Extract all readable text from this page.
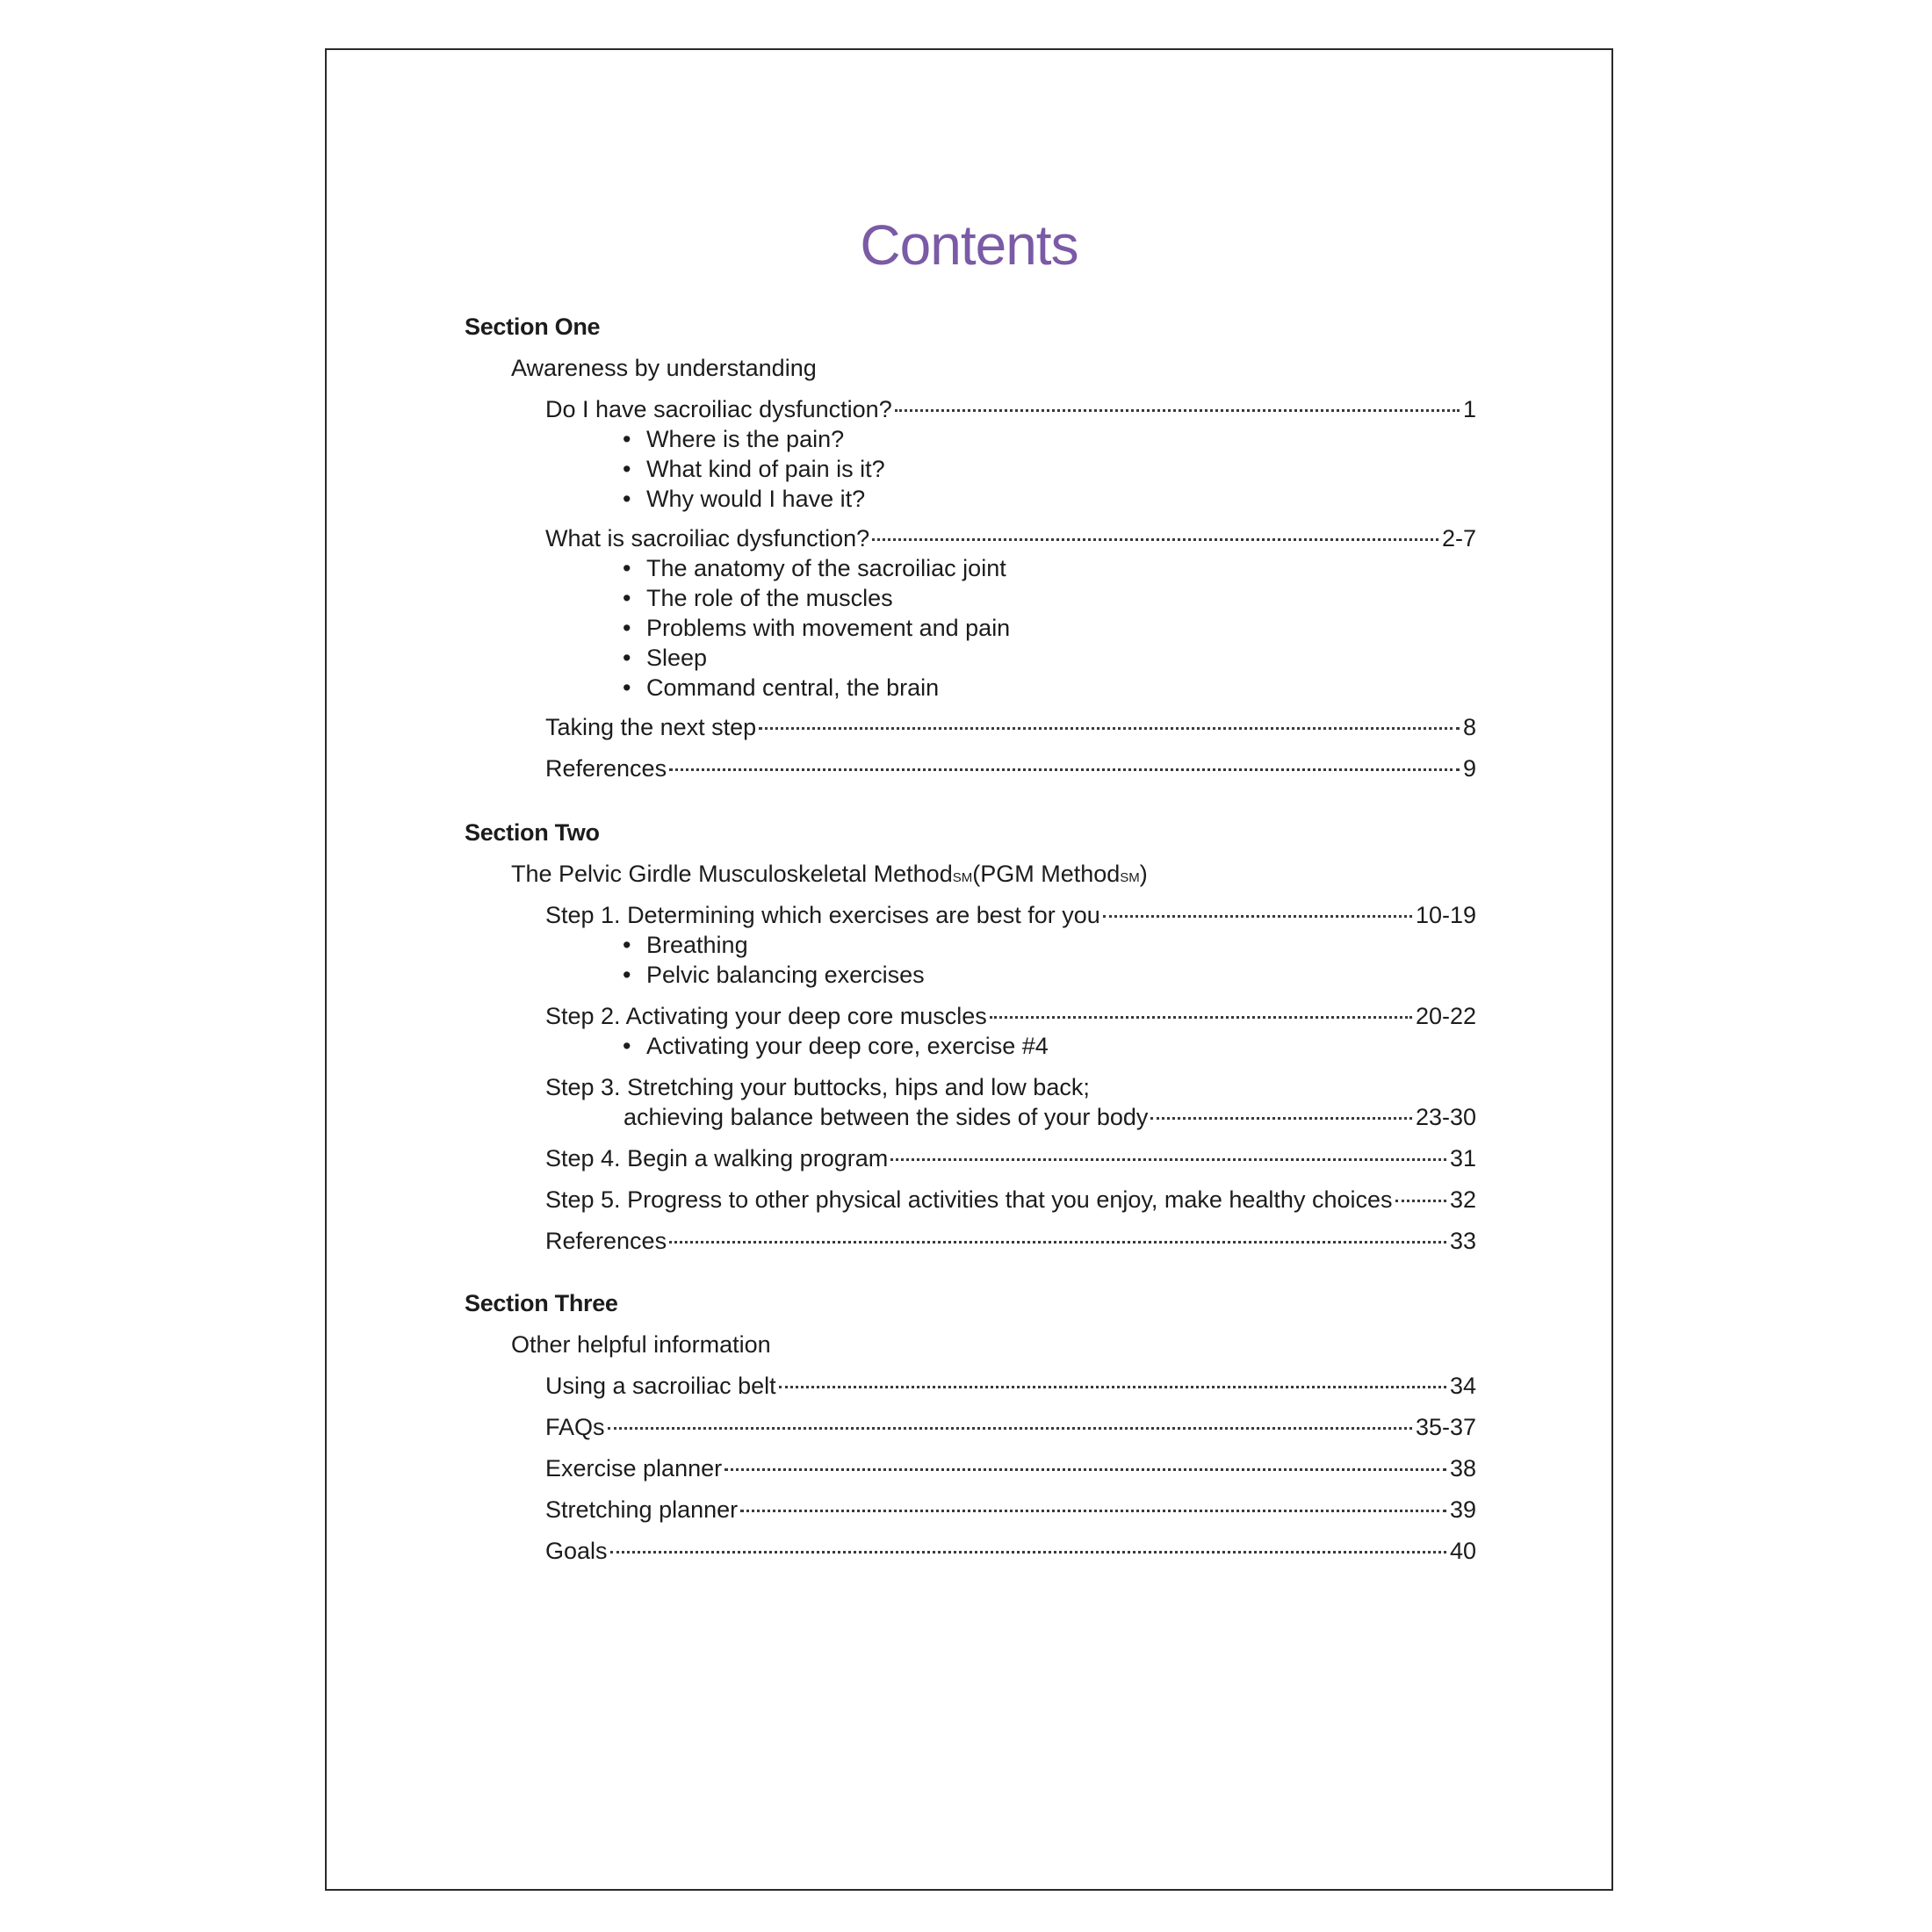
Contents
Section One
Awareness by understanding
Do I have sacroiliac dysfunction?	1
• Where is the pain?
• What kind of pain is it?
• Why would I have it?
What is sacroiliac dysfunction?	2-7
• The anatomy of the sacroiliac joint
• The role of the muscles
• Problems with movement and pain
• Sleep
• Command central, the brain
Taking the next step	8
References	9
Section Two
The Pelvic Girdle Musculoskeletal Method SM (PGM Method SM )
Step 1. Determining which exercises are best for you	10-19
• Breathing
• Pelvic balancing exercises
Step 2. Activating your deep core muscles	20-22
• Activating your deep core, exercise #4
Step 3. Stretching your buttocks, hips and low back;
achieving balance between the sides of your body	23-30
Step 4. Begin a walking program	31
Step 5. Progress to other physical activities that you enjoy, make healthy choices 32
References	33
Section Three
Other helpful information
Using a sacroiliac belt	34
FAQs	35-37
Exercise planner	38
Stretching planner	39
Goals	40
